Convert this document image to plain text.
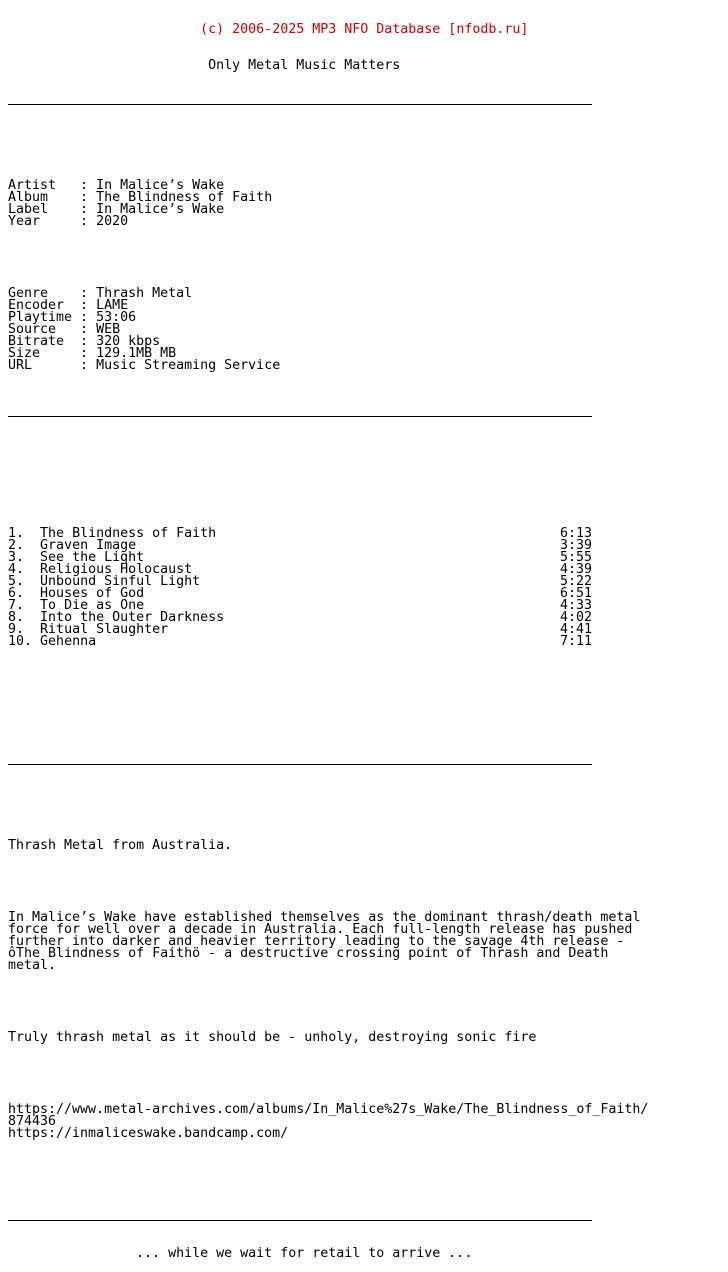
(c) 2006-2025 MP3 NFO Database [nfodb.ru]

Only Metal Music Matters

Artist   : In Malice’s Wake
Album    : The Blindness of Faith
Label    : In Malice’s Wake
Year     : 2020

Genre    : Thrash Metal
Encoder  : LAME
Playtime : 53:06
Source   : WEB
Bitrate  : 320 kbps
Size     : 129.1MB MB
URL      : Music Streaming Service

1.  The Blindness of Faith	6:13
2.  Graven Image	3:39
3.  See the Light	5:55
4.  Religious Holocaust	4:39
5.  Unbound Sinful Light	5:22
6.  Houses of God	6:51
7.  To Die as One	4:33
8.  Into the Outer Darkness	4:02
9.  Ritual Slaughter	4:41
10. Gehenna	7:11

Thrash Metal from Australia.

In Malice’s Wake have established themselves as the dominant thrash/death metal
force for well over a decade in Australia. Each full-length release has pushed
further into darker and heavier territory leading to the savage 4th release -
ôThe Blindness of Faithö - a destructive crossing point of Thrash and Death
metal.

Truly thrash metal as it should be - unholy, destroying sonic fire

https://www.metal-archives.com/albums/In_Malice%27s_Wake/The_Blindness_of_Faith/
874436
https://inmaliceswake.bandcamp.com/

... while we wait for retail to arrive ...
